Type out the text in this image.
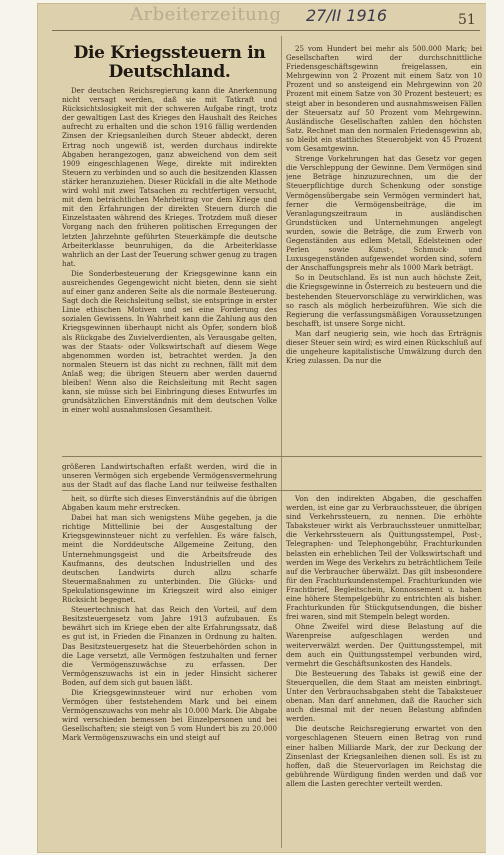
Arbeiterzeitung	27/II 1916	51
Die Kriegssteuern in Deutschland.

Der deutschen Reichsregierung kann die Anerkennung nicht versagt werden, daß sie mit Tatkraft und Rücksichtslosigkeit mit der schweren Aufgabe ringt, trotz der gewaltigen Last des Krieges den Haushalt des Reiches aufrecht zu erhalten und die schon 1916 fällig werdenden Zinsen der Kriegsanleihen durch Steuer abdeckt, deren Ertrag noch ungewiß ist, werden durchaus indirekte Abgaben herangezogen, ganz abweichend von dem seit 1909 eingeschlagenen Wege, direkte mit indirekten Steuern zu verbinden und so auch die besitzenden Klassen stärker heranzuziehen. Dieser Rückfall in die alte Methode wird wohl mit zwei Tatsachen zu rechtfertigen versucht, mit dem beträchtlichen Mehrbeitrag vor dem Kriege und mit den Erfahrungen der direkten Steuern durch die Einzelstaaten während des Krieges. Trotzdem muß dieser Vorgang nach den früheren politischen Erregungen der letzten Jahrzehnte geführten Steuerkämpfe die deutsche Arbeiterklasse beunruhigen, da die Arbeiterklasse wahrlich an der Last der Teuerung schwer genug zu tragen hat.

Die Sonderbesteuerung der Kriegsgewinne kann ein ausreichendes Gegengewicht nicht bieten, denn sie sieht auf einer ganz anderen Seite als die normale Besteuerung. Sagt doch die Reichsleitung selbst, sie entspringe in erster Linie ethischen Motiven und sei eine Forderung des sozialen Gewissens. In Wahrheit kann die Zahlung aus den Kriegsgewinnen überhaupt nicht als Opfer, sondern bloß als Rückgabe des Zuvielverdienten, als Verausgabe gelten, was der Staats- oder Volkswirtschaft auf diesem Wege abgenommen worden ist, betrachtet werden. Ja den normalen Steuern ist das nicht zu rechnen, fällt mit dem Anlaß weg; die übrigen Steuern aber werden dauernd bleiben! Wenn also die Reichsleitung mit Recht sagen kann, sie müsse sich bei Einbringung dieses Entwurfes im grundsätzlichen Einverständnis mit dem deutschen Volke in einer wohl ausnahmslosen Gesamtheit.

25 vom Hundert bei mehr als 500.000 Mark; bei Gesellschaften wird der durchschnittliche Friedensgeschäftsgewinn freigelassen, ein Mehrgewinn von 2 Prozent mit einem Satz von 10 Prozent und so ansteigend ein Mehrgewinn von 20 Prozent mit einem Satze von 30 Prozent besteuert; es steigt aber in besonderen und ausnahmsweisen Fällen der Steuersatz auf 50 Prozent vom Mehrgewinn. Ausländische Gesellschaften zahlen den höchsten Satz. Rechnet man den normalen Friedensgewinn ab, so bleibt ein stattliches Steuerobjekt von 45 Prozent vom Gesamtgewinn.

Strenge Vorkehrungen hat das Gesetz vor gegen die Verschleppung der Gewinne. Dem Vermögen sind jene Beträge hinzuzurechnen, um die der Steuerpflichtige durch Schenkung oder sonstige Vermögensübergabe sein Vermögen vermindert hat, ferner die Vermögensbeiträge, die im Veranlagungszeitraum in ausländischen Grundstücken und Unternehmungen angelegt wurden, sowie die Beträge, die zum Erwerb von Gegenständen aus edlem Metall, Edelsteinen oder Perlen sowie Kunst-, Schmuck- und Luxusgegenständen aufgewendet worden sind, sofern der Anschaffungspreis mehr als 1000 Mark beträgt.

So in Deutschland. Es ist nun auch höchste Zeit, die Kriegsgewinne in Österreich zu besteuern und die bestehenden Steuervorschläge zu verwirklichen, was so rasch als möglich herbeizuführen. Wie sich die Regierung die verfassungsmäßigen Voraussetzungen beschafft, ist unsere Sorge nicht.

Man darf neugierig sein, wie hoch das Erträgnis dieser Steuer sein wird; es wird einen Rückschluß auf die ungeheure kapitalistische Umwälzung durch den Krieg zulassen. Da nur die

größeren Landwirtschaften erfaßt werden, wird die in unseren Vermögen sich ergebende Vermögensvermehrung aus der Stadt auf das flache Land nur teilweise festhalten

heit, so dürfte sich dieses Einverständnis auf die übrigen Abgaben kaum mehr erstrecken.

Dabei hat man sich wenigstens Mühe gegeben, ja die richtige Mittellinie bei der Ausgestaltung der Kriegsgewinnsteuer nicht zu verfehlen. Es wäre falsch, meint die Norddeutsche Allgemeine Zeitung, den Unternehmungsgeist und die Arbeitsfreude des Kaufmanns, des deutschen Industriellen und des deutschen Landwirts durch allzu scharfe Steuermaßnahmen zu unterbinden. Die Glücks- und Spekulationsgewinne im Kriegszeit wird also einiger Rücksicht begegnet.

Steuertechnisch hat das Reich den Vorteil, auf dem Besitzsteuergesetz vom Jahre 1913 aufzubauen. Es bewährt sich im Kriege eben der alte Erfahrungssatz, daß es gut ist, in Frieden die Finanzen in Ordnung zu halten. Das Besitzsteuergesetz hat die Steuerbehörden schon in die Lage versetzt, alle Vermögen festzuhalten und ferner die Vermögenszuwächse zu erfassen. Der Vermögenszuwachs ist ein in jeder Hinsicht sicherer Boden, auf dem sich gut bauen läßt.

Die Kriegsgewinnsteuer wird nur erhoben vom Vermögen über feststehendem Mark und bei einem Vermögenszuwachs von mehr als 10.000 Mark. Die Abgabe wird verschieden bemessen bei Einzelpersonen und bei Gesellschaften; sie steigt von 5 vom Hundert bis zu 20.000 Mark Vermögenszuwachs ein und steigt auf

Von den indirekten Abgaben, die geschaffen werden, ist eine gar zu Verbrauchssteuer, die übrigen sind Verkehrssteuern, zu nennen. Die erhöhte Tabaksteuer wirkt als Verbrauchssteuer unmittelbar, die Verkehrssteuern als Quittungsstempel, Post-, Telegraphen- und Telephongebühr, Frachturkunden belasten ein erheblichen Teil der Volkswirtschaft und werden im Wege des Verkehrs zu beträchtlichem Teile auf die Verbraucher überwälzt. Das gilt insbesondere für den Frachturkundenstempel. Frachturkunden wie Frachtbrief, Begleitschein, Konnossement u. haben eine höhere Stempelgebühr zu entrichten als bisher. Frachturkunden für Stückgutsendungen, die bisher frei waren, sind mit Stempeln belegt worden.

Ohne Zweifel wird diese Belastung auf die Warenpreise aufgeschlagen werden und weiterverwälzt werden. Der Quittungsstempel, mit dem auch ein Quittungsstempel verbunden wird, vermehrt die Geschäftsunkosten des Handels.

Die Besteuerung des Tabaks ist gewiß eine der Steuerquellen, die dem Staat am meisten einbringt. Unter den Verbrauchsabgaben steht die Tabaksteuer obenan. Man darf annehmen, daß die Raucher sich auch diesmal mit der neuen Belastung abfinden werden.

Die deutsche Reichsregierung erwartet von den vorgeschlagenen Steuern einen Betrag von rund einer halben Milliarde Mark, der zur Deckung der Zinsenlast der Kriegsanleihen dienen soll. Es ist zu hoffen, daß die Steuervorlagen im Reichstag die gebührende Würdigung finden werden und daß vor allem die Lasten gerechter verteilt werden.
